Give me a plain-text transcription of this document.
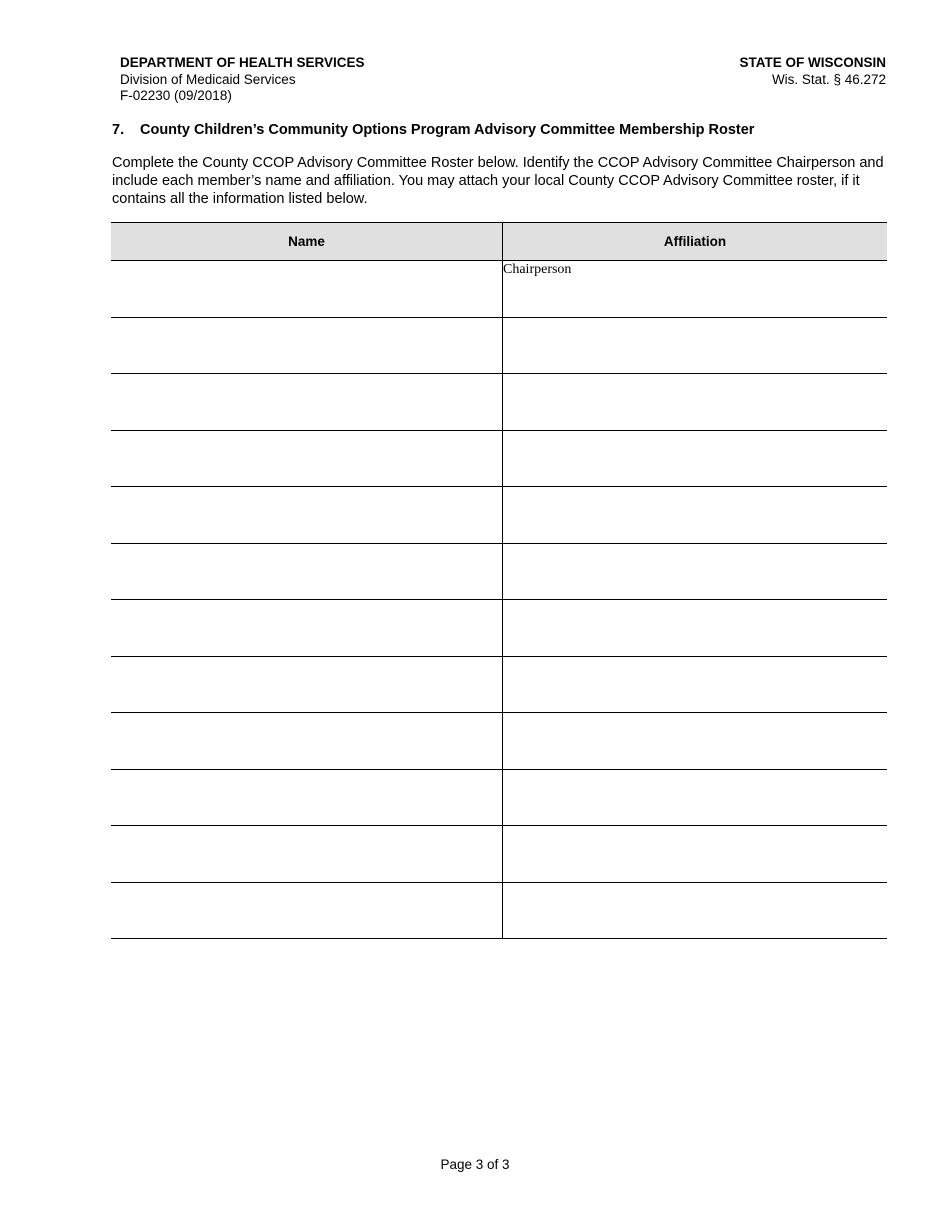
DEPARTMENT OF HEALTH SERVICES
Division of Medicaid Services
F-02230 (09/2018)
STATE OF WISCONSIN
Wis. Stat. § 46.272
7. County Children’s Community Options Program Advisory Committee Membership Roster
Complete the County CCOP Advisory Committee Roster below. Identify the CCOP Advisory Committee Chairperson and include each member’s name and affiliation. You may attach your local County CCOP Advisory Committee roster, if it contains all the information listed below.
Name	Affiliation

	Chairperson

Page 3 of 3
